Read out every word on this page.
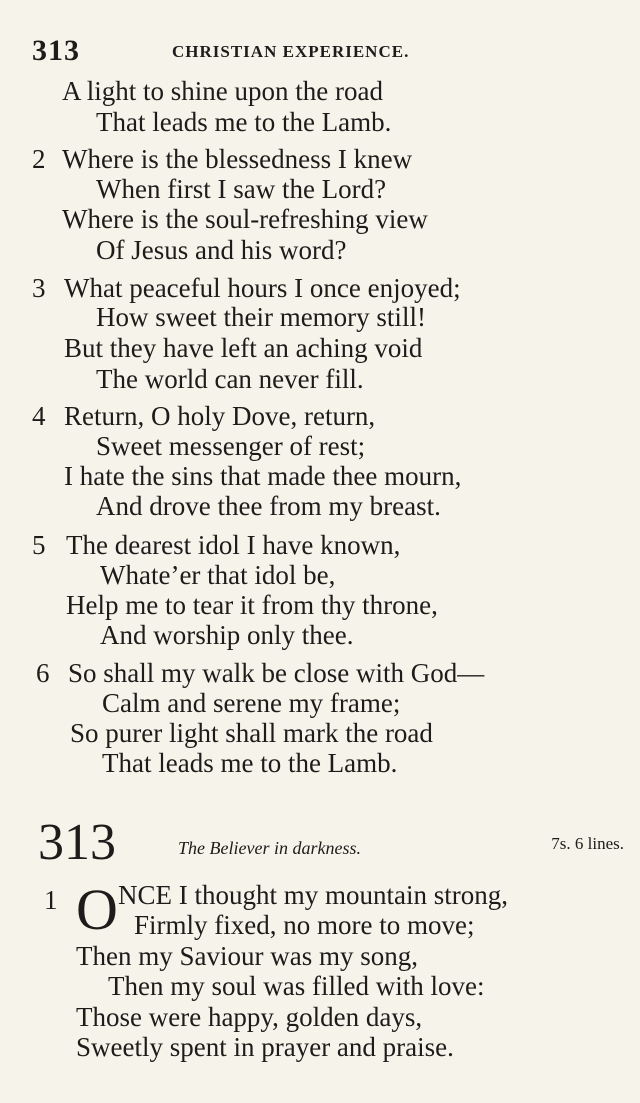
313	CHRISTIAN EXPERIENCE.
A light to shine upon the road
That leads me to the Lamb.
2 Where is the blessedness I knew
When first I saw the Lord?
Where is the soul-refreshing view
Of Jesus and his word?
3 What peaceful hours I once enjoyed;
How sweet their memory still!
But they have left an aching void
The world can never fill.
4 Return, O holy Dove, return,
Sweet messenger of rest;
I hate the sins that made thee mourn,
And drove thee from my breast.
5 The dearest idol I have known,
Whate’er that idol be,
Help me to tear it from thy throne,
And worship only thee.
6 So shall my walk be close with God—
Calm and serene my frame;
So purer light shall mark the road
That leads me to the Lamb.
313	The Believer in darkness.	7s. 6 lines.
1 O NCE I thought my mountain strong,
Firmly fixed, no more to move;
Then my Saviour was my song,
Then my soul was filled with love:
Those were happy, golden days,
Sweetly spent in prayer and praise.
